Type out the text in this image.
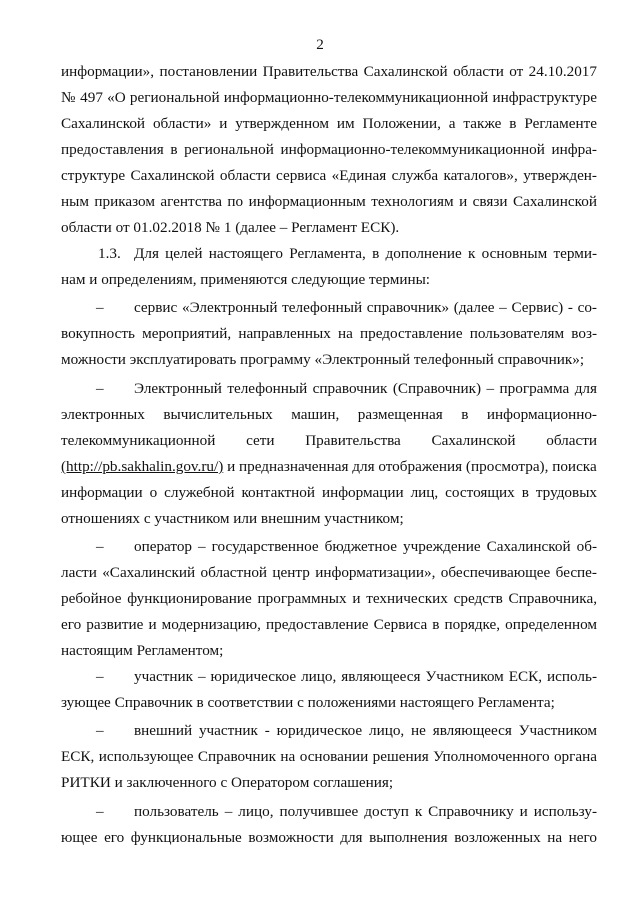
2
информации», постановлении Правительства Сахалинской области от 24.10.2017
№ 497 «О региональной информационно-телекоммуникационной инфраструктуре
Сахалинской области» и утвержденном им Положении, а также в Регламенте
предоставления в региональной информационно-телекоммуникационной инфра-
структуре Сахалинской области сервиса «Единая служба каталогов», утвержден-
ным приказом агентства по информационным технологиям и связи Сахалинской
области от 01.02.2018 № 1 (далее – Регламент ЕСК).
1.3. Для целей настоящего Регламента, в дополнение к основным терми-
нам и определениям, применяются следующие термины:
–	сервис «Электронный телефонный справочник» (далее – Сервис) - со-
вокупность мероприятий, направленных на предоставление пользователям воз-
можности эксплуатировать программу «Электронный телефонный справочник»;
–	Электронный телефонный справочник (Справочник) – программа для
электронных вычислительных машин, размещенная в информационно-
телекоммуникационной сети Правительства Сахалинской области
(http://pb.sakhalin.gov.ru/) и предназначенная для отображения (просмотра), поиска
информации о служебной контактной информации лиц, состоящих в трудовых
отношениях с участником или внешним участником;
–	оператор – государственное бюджетное учреждение Сахалинской об-
ласти «Сахалинский областной центр информатизации», обеспечивающее беспе-
ребойное функционирование программных и технических средств Справочника,
его развитие и модернизацию, предоставление Сервиса в порядке, определенном
настоящим Регламентом;
–	участник – юридическое лицо, являющееся Участником ЕСК, исполь-
зующее Справочник в соответствии с положениями настоящего Регламента;
–	внешний участник - юридическое лицо, не являющееся Участником
ЕСК, использующее Справочник на основании решения Уполномоченного органа
РИТКИ и заключенного с Оператором соглашения;
–	пользователь – лицо, получившее доступ к Справочнику и использу-
ющее его функциональные возможности для выполнения возложенных на него
